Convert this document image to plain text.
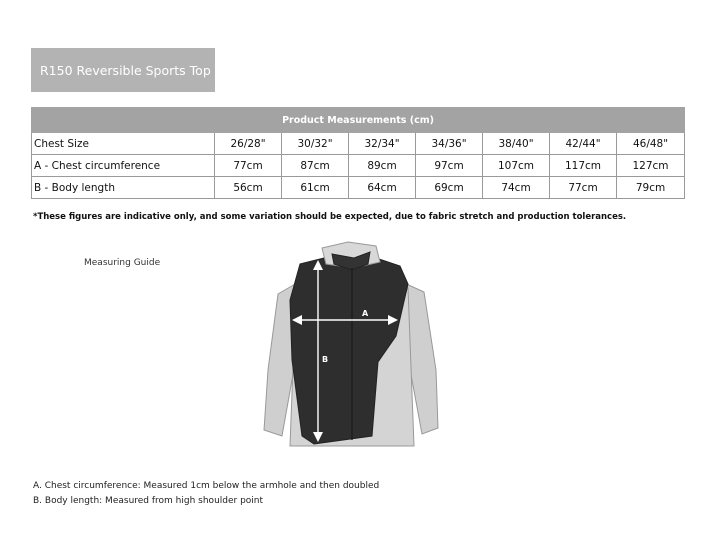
R150 Reversible Sports Top
Product Measurements (cm)							
Chest Size	26/28"	30/32"	32/34"	34/36"	38/40"	42/44"	46/48"
A - Chest circumference	77cm	87cm	89cm	97cm	107cm	117cm	127cm
B - Body length	56cm	61cm	64cm	69cm	74cm	77cm	79cm
*These figures are indicative only, and some variation should be expected, due to fabric stretch and production tolerances.
Measuring Guide
A
B
A. Chest circumference: Measured 1cm below the armhole and then doubled
B. Body length: Measured from high shoulder point
